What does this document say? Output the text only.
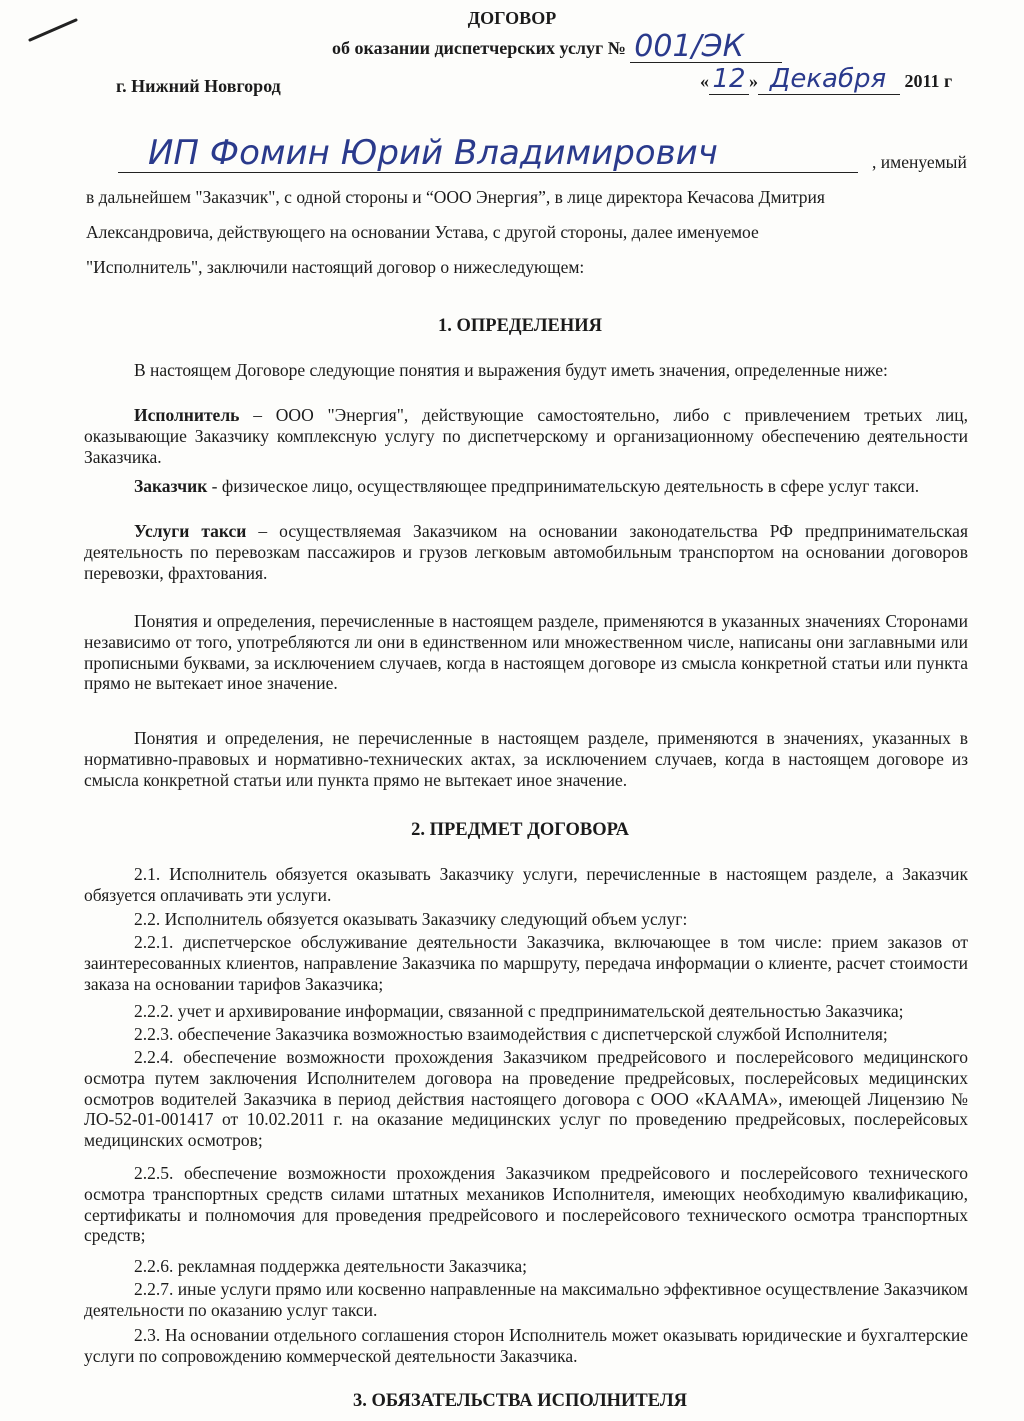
ДОГОВОР
об оказании диспетчерских услуг № 001/ЭК
г. Нижний Новгород	« 12 » Декабря 2011 г
ИП Фомин Юрий Владимирович	, именуемый
в дальнейшем "Заказчик", с одной стороны и “ООО Энергия”, в лице директора Кечасова Дмитрия
Александровича, действующего на основании Устава, с другой стороны, далее именуемое
"Исполнитель", заключили настоящий договор о нижеследующем:
1. ОПРЕДЕЛЕНИЯ
В настоящем Договоре следующие понятия и выражения будут иметь значения, определенные ниже:
Исполнитель – ООО "Энергия", действующие самостоятельно, либо с привлечением третьих лиц, оказывающие Заказчику комплексную услугу по диспетчерскому и организационному обеспечению деятельности Заказчика.
Заказчик - физическое лицо, осуществляющее предпринимательскую деятельность в сфере услуг такси.
Услуги такси – осуществляемая Заказчиком на основании законодательства РФ предпринимательская деятельность по перевозкам пассажиров и грузов легковым автомобильным транспортом на основании договоров перевозки, фрахтования.
Понятия и определения, перечисленные в настоящем разделе, применяются в указанных значениях Сторонами независимо от того, употребляются ли они в единственном или множественном числе, написаны они заглавными или прописными буквами, за исключением случаев, когда в настоящем договоре из смысла конкретной статьи или пункта прямо не вытекает иное значение.
Понятия и определения, не перечисленные в настоящем разделе, применяются в значениях, указанных в нормативно-правовых и нормативно-технических актах, за исключением случаев, когда в настоящем договоре из смысла конкретной статьи или пункта прямо не вытекает иное значение.
2. ПРЕДМЕТ ДОГОВОРА
2.1. Исполнитель обязуется оказывать Заказчику услуги, перечисленные в настоящем разделе, а Заказчик обязуется оплачивать эти услуги.
2.2. Исполнитель обязуется оказывать Заказчику следующий объем услуг:
2.2.1. диспетчерское обслуживание деятельности Заказчика, включающее в том числе: прием заказов от заинтересованных клиентов, направление Заказчика по маршруту, передача информации о клиенте, расчет стоимости заказа на основании тарифов Заказчика;
2.2.2. учет и архивирование информации, связанной с предпринимательской деятельностью Заказчика;
2.2.3. обеспечение Заказчика возможностью взаимодействия с диспетчерской службой Исполнителя;
2.2.4. обеспечение возможности прохождения Заказчиком предрейсового и послерейсового медицинского осмотра путем заключения Исполнителем договора на проведение предрейсовых, послерейсовых медицинских осмотров водителей Заказчика в период действия настоящего договора с ООО «КААМА», имеющей Лицензию № ЛО-52-01-001417 от 10.02.2011 г. на оказание медицинских услуг по проведению предрейсовых, послерейсовых медицинских осмотров;
2.2.5. обеспечение возможности прохождения Заказчиком предрейсового и послерейсового технического осмотра транспортных средств силами штатных механиков Исполнителя, имеющих необходимую квалификацию, сертификаты и полномочия для проведения предрейсового и послерейсового технического осмотра транспортных средств;
2.2.6. рекламная поддержка деятельности Заказчика;
2.2.7. иные услуги прямо или косвенно направленные на максимально эффективное осуществление Заказчиком деятельности по оказанию услуг такси.
2.3. На основании отдельного соглашения сторон Исполнитель может оказывать юридические и бухгалтерские услуги по сопровождению коммерческой деятельности Заказчика.
3. ОБЯЗАТЕЛЬСТВА ИСПОЛНИТЕЛЯ
